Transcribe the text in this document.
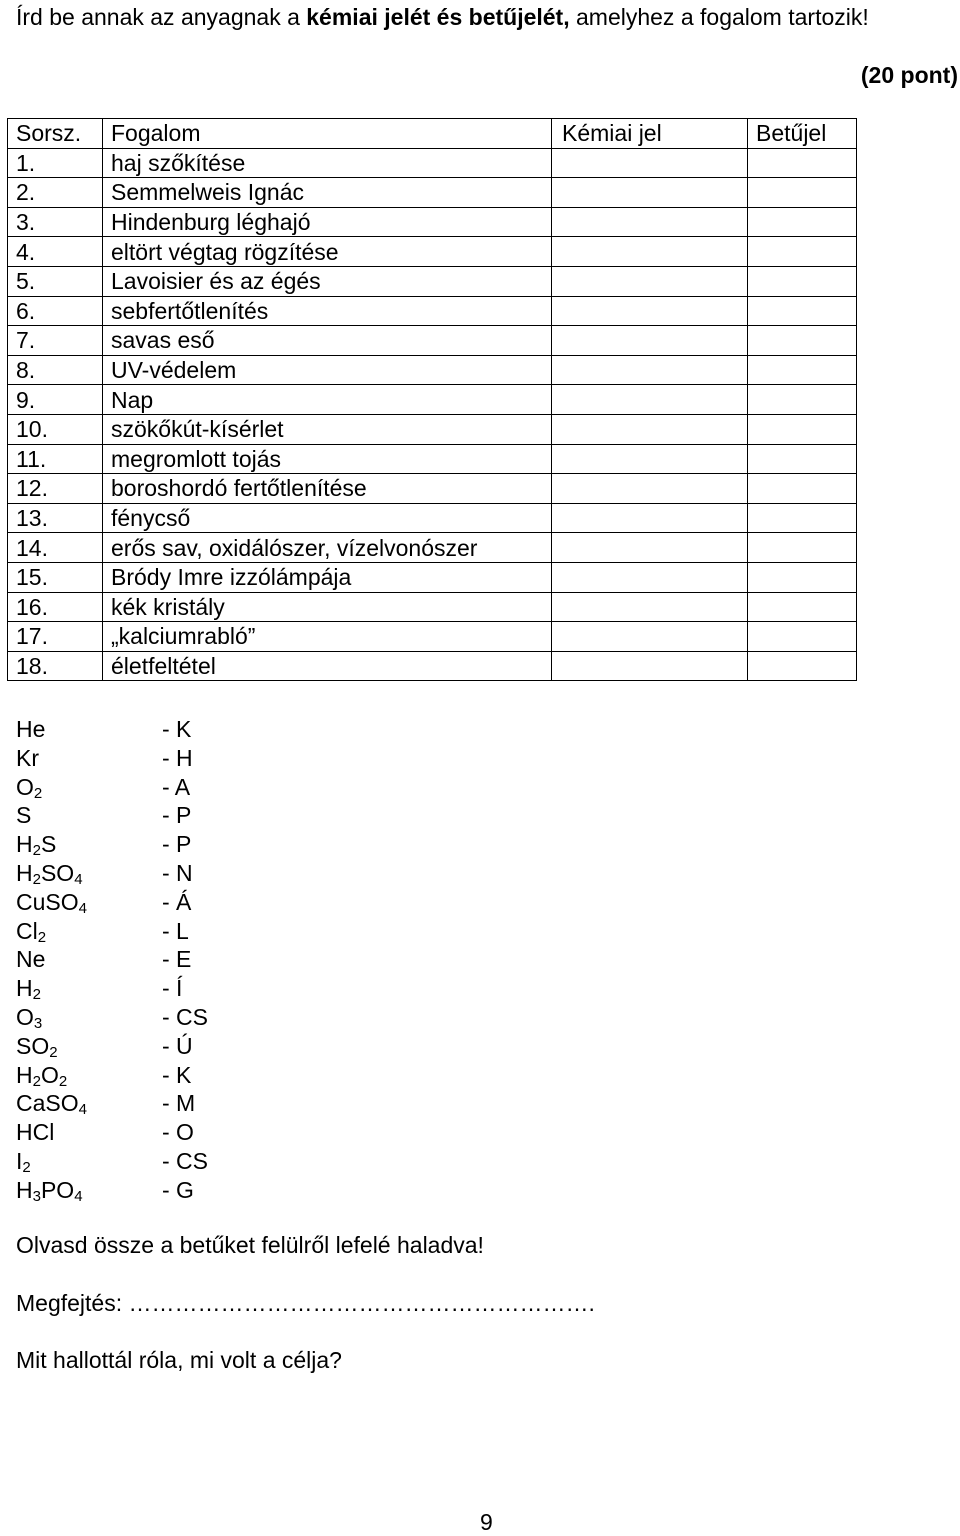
Írd be annak az anyagnak a kémiai jelét és betűjelét, amelyhez a fogalom tartozik!
(20 pont)
Sorsz.	Fogalom	Kémiai jel	Betűjel
1.	haj szőkítése		
2.	Semmelweis Ignác		
3.	Hindenburg léghajó		
4.	eltört végtag rögzítése		
5.	Lavoisier és az égés		
6.	sebfertőtlenítés		
7.	savas eső		
8.	UV-védelem		
9.	Nap		
10.	szökőkút-kísérlet		
11.	megromlott tojás		
12.	boroshordó fertőtlenítése		
13.	fénycső		
14.	erős sav, oxidálószer, vízelvonószer		
15.	Bródy Imre izzólámpája		
16.	kék kristály		
17.	„kalciumrabló”		
18.	életfeltétel		
He	- K
Kr	- H
$O_2$	- A
S	- P
$H_2S$	- P
$H_2SO_4$	- N
CuSO$_4$	- Á
$Cl_2$	- L
Ne	- E
$H_2$	- Í
$O_3$	- CS
$SO_2$	- Ú
$H_2O_2$	- K
CaSO$_4$	- M
HCl	- O
$I_2$	- CS
$H_3PO_4$	- G
Olvasd össze a betűket felülről lefelé haladva!
Megfejtés: …………………………………………………….
Mit hallottál róla, mi volt a célja?
9
